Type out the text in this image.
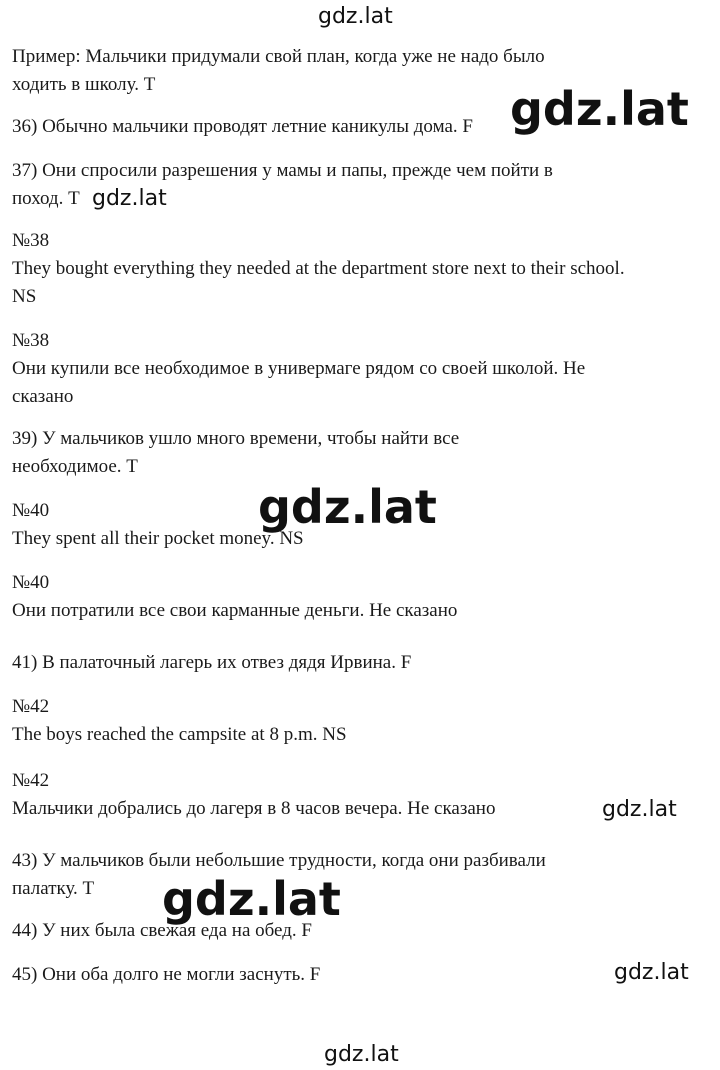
Пример: Мальчики придумали свой план, когда уже не надо было
ходить в школу. T
36) Обычно мальчики проводят летние каникулы дома. F
37) Они спросили разрешения у мамы и папы, прежде чем пойти в
поход. T
№38
They bought everything they needed at the department store next to their school.
NS
№38
Они купили все необходимое в универмаге рядом со своей школой. Не
сказано
39) У мальчиков ушло много времени, чтобы найти все
необходимое. T
№40
They spent all their pocket money. NS
№40
Они потратили все свои карманные деньги. Не сказано
41) В палаточный лагерь их отвез дядя Ирвина. F
№42
The boys reached the campsite at 8 p.m. NS
№42
Мальчики добрались до лагеря в 8 часов вечера. Не сказано
43) У мальчиков были небольшие трудности, когда они разбивали
палатку. T
44) У них была свежая еда на обед. F
45) Они оба долго не могли заснуть. F
gdz.lat
gdz.lat
gdz.lat
gdz.lat
gdz.lat
gdz.lat
gdz.lat
gdz.lat
